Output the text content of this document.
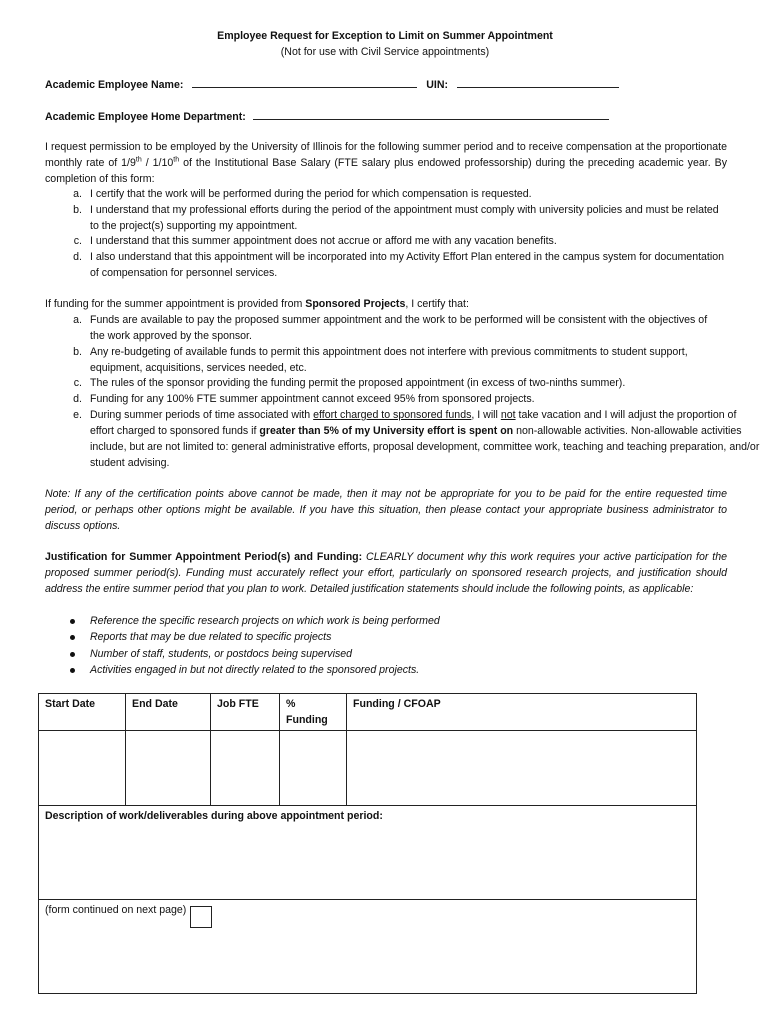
Employee Request for Exception to Limit on Summer Appointment
(Not for use with Civil Service appointments)
Academic Employee Name:	UIN:
Academic Employee Home Department:
I request permission to be employed by the University of Illinois for the following summer period and to receive compensation at the proportionate monthly rate of 1/9th / 1/10th of the Institutional Base Salary (FTE salary plus endowed professorship) during the preceding academic year. By completion of this form:
a. I certify that the work will be performed during the period for which compensation is requested.
b. I understand that my professional efforts during the period of the appointment must comply with university policies and must be related to the project(s) supporting my appointment.
c. I understand that this summer appointment does not accrue or afford me with any vacation benefits.
d. I also understand that this appointment will be incorporated into my Activity Effort Plan entered in the campus system for documentation of compensation for personnel services.
If funding for the summer appointment is provided from Sponsored Projects, I certify that:
a. Funds are available to pay the proposed summer appointment and the work to be performed will be consistent with the objectives of the work approved by the sponsor.
b. Any re-budgeting of available funds to permit this appointment does not interfere with previous commitments to student support, equipment, acquisitions, services needed, etc.
c. The rules of the sponsor providing the funding permit the proposed appointment (in excess of two-ninths summer).
d. Funding for any 100% FTE summer appointment cannot exceed 95% from sponsored projects.
e. During summer periods of time associated with effort charged to sponsored funds, I will not take vacation and I will adjust the proportion of effort charged to sponsored funds if greater than 5% of my University effort is spent on non-allowable activities. Non-allowable activities include, but are not limited to: general administrative efforts, proposal development, committee work, teaching and teaching preparation, and/or student advising.
Note: If any of the certification points above cannot be made, then it may not be appropriate for you to be paid for the entire requested time period, or perhaps other options might be available. If you have this situation, then please contact your appropriate business administrator to discuss options.
Justification for Summer Appointment Period(s) and Funding: CLEARLY document why this work requires your active participation for the proposed summer period(s). Funding must accurately reflect your effort, particularly on sponsored research projects, and justification should address the entire summer period that you plan to work. Detailed justification statements should include the following points, as applicable:
Reference the specific research projects on which work is being performed
Reports that may be due related to specific projects
Number of staff, students, or postdocs being supervised
Activities engaged in but not directly related to the sponsored projects.
Start Date	End Date	Job FTE	% Funding	Funding / CFOAP

Description of work/deliverables during above appointment period:				
(form continued on next page)				
